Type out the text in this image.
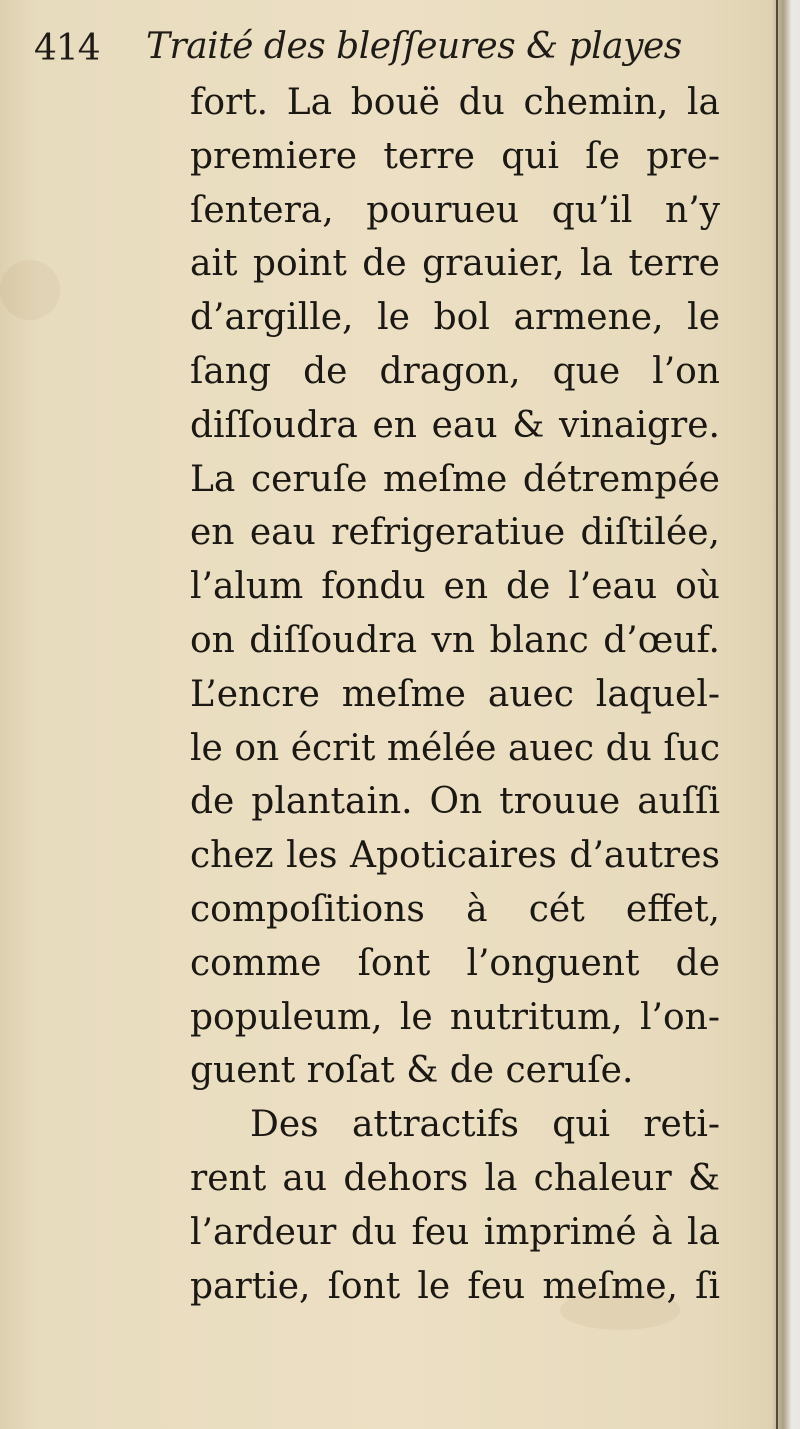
414 Traité des bleſſeures & playes
fort. La bouë du chemin, la
premiere terre qui ſe pre-
ſentera, pourueu qu’il n’y
ait point de grauier, la terre
d’argille, le bol armene, le
ſang de dragon, que l’on
diſſoudra en eau & vinaigre.
La ceruſe meſme détrempée
en eau refrigeratiue diſtilée,
l’alum fondu en de l’eau où
on diſſoudra vn blanc d’œuf.
L’encre meſme auec laquel-
le on écrit mélée auec du ſuc
de plantain. On trouue auſſi
chez les Apoticaires d’autres
compoſitions à cét effet,
comme ſont l’onguent de
populeum, le nutritum, l’on-
guent roſat & de ceruſe.
Des attractifs qui reti-
rent au dehors la chaleur &
l’ardeur du feu imprimé à la
partie, ſont le feu meſme, ſi
